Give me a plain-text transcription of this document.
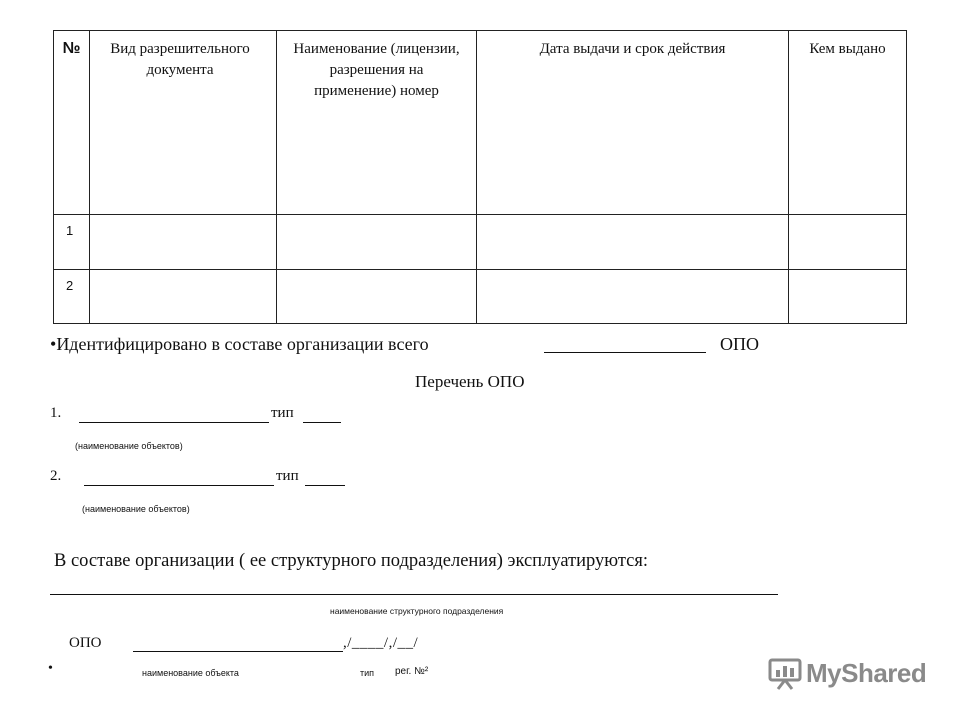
№	Вид разрешительного документа	Наименование (лицензии, разрешения на применение) номер	Дата выдачи и срок действия	Кем выдано

1				
2				
•Идентифицировано в составе организации всего	ОПО
Перечень ОПО
1.	тип
(наименование объектов)
2.	тип
(наименование объектов)
В составе организации ( ее структурного подразделения) эксплуатируются:
наименование структурного подразделения
ОПО	,/____/,/__/
•	наименование объекта	тип рег. №²	MyShared
